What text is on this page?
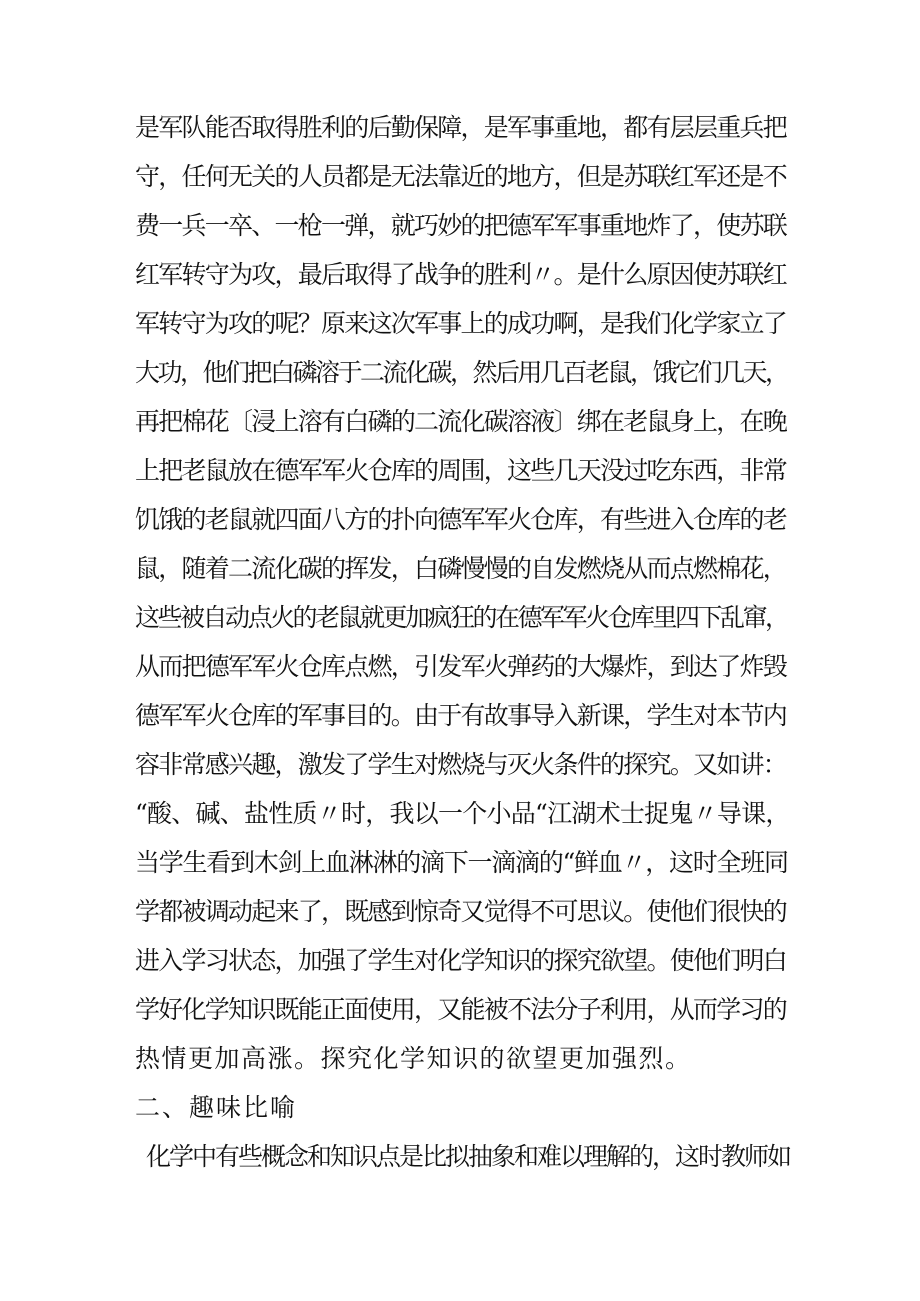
是军队能否取得胜利的后勤保障，是军事重地，都有层层重兵把
守，任何无关的人员都是无法靠近的地方，但是苏联红军还是不
费一兵一卒、一枪一弹，就巧妙的把德军军事重地炸了，使苏联
红军转守为攻，最后取得了战争的胜利〃。是什么原因使苏联红
军转守为攻的呢？原来这次军事上的成功啊，是我们化学家立了
大功，他们把白磷溶于二流化碳，然后用几百老鼠，饿它们几天，
再把棉花〔浸上溶有白磷的二流化碳溶液〕绑在老鼠身上，在晚
上把老鼠放在德军军火仓库的周围，这些几天没过吃东西，非常
饥饿的老鼠就四面八方的扑向德军军火仓库，有些进入仓库的老
鼠，随着二流化碳的挥发，白磷慢慢的自发燃烧从而点燃棉花，
这些被自动点火的老鼠就更加疯狂的在德军军火仓库里四下乱窜，
从而把德军军火仓库点燃，引发军火弹药的大爆炸，到达了炸毁
德军军火仓库的军事目的。由于有故事导入新课，学生对本节内
容非常感兴趣，激发了学生对燃烧与灭火条件的探究。又如讲：
“酸、碱、盐性质〃时，我以一个小品“江湖术士捉鬼〃导课，
当学生看到木剑上血淋淋的滴下一滴滴的“鲜血〃，这时全班同
学都被调动起来了，既感到惊奇又觉得不可思议。使他们很快的
进入学习状态，加强了学生对化学知识的探究欲望。使他们明白
学好化学知识既能正面使用，又能被不法分子利用，从而学习的
热情更加高涨。探究化学知识的欲望更加强烈。
二、趣味比喻
化学中有些概念和知识点是比拟抽象和难以理解的，这时教师如
